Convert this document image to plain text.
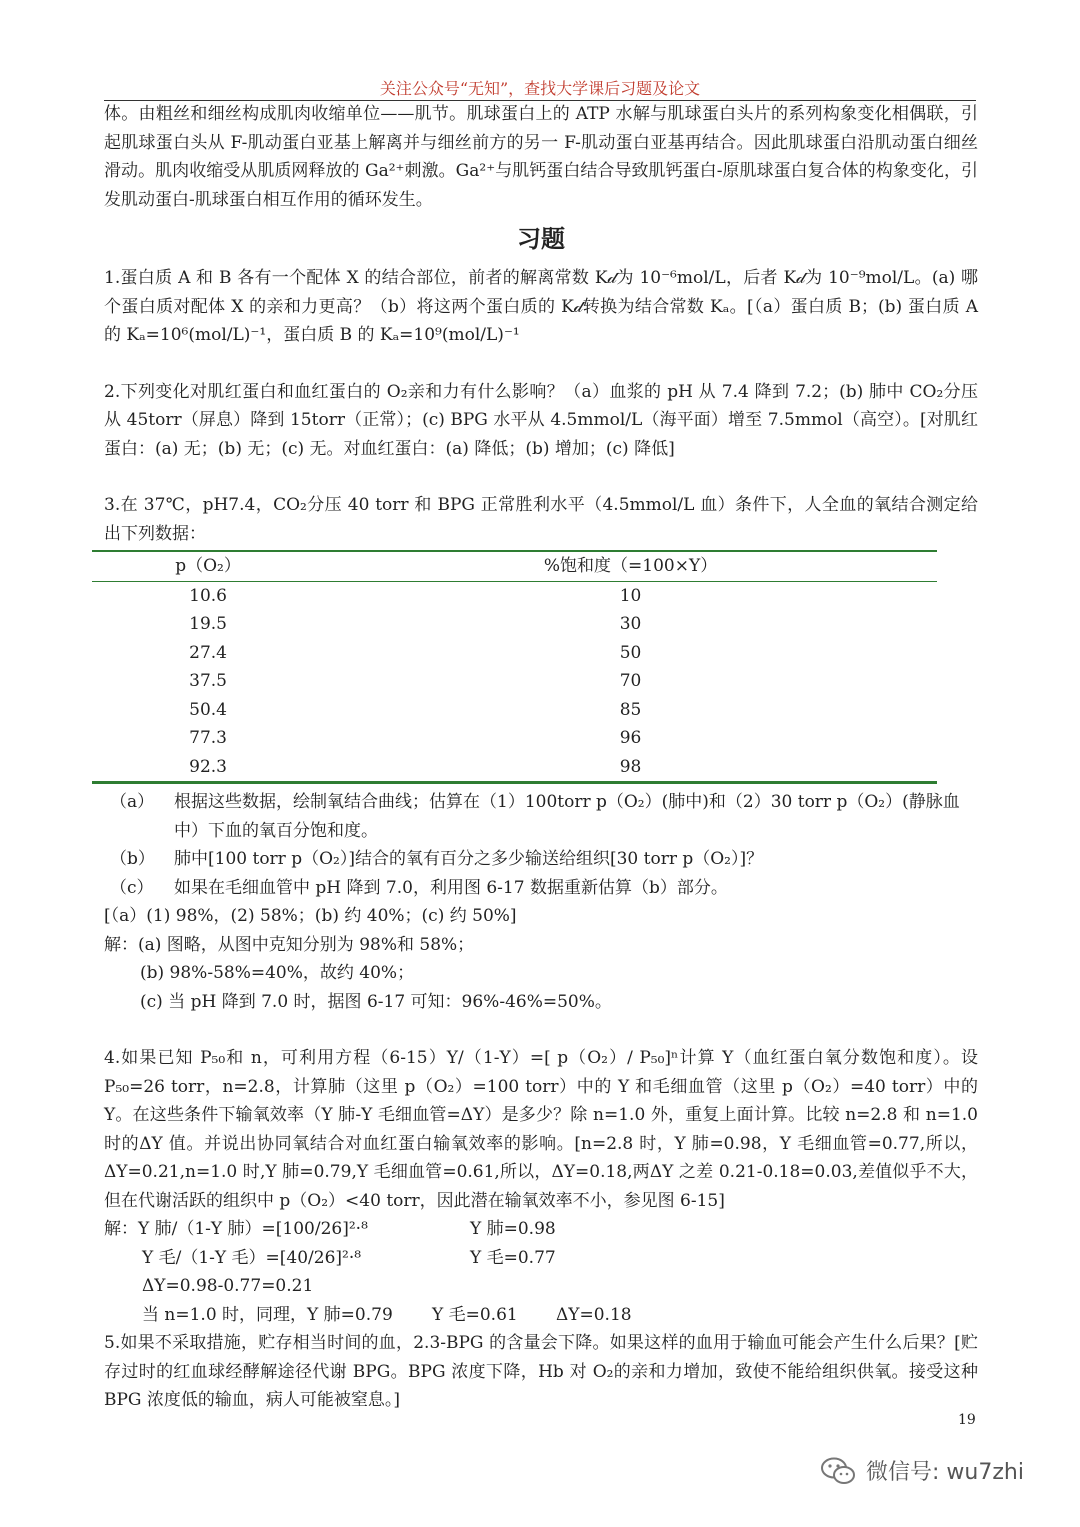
关注公众号“无知”，查找大学课后习题及论文

体。由粗丝和细丝构成肌肉收缩单位——肌节。肌球蛋白上的 ATP 水解与肌球蛋白头片的系列构象变化相偶联，引起肌球蛋白头从 F-肌动蛋白亚基上解离并与细丝前方的另一 F-肌动蛋白亚基再结合。因此肌球蛋白沿肌动蛋白细丝滑动。肌肉收缩受从肌质网释放的 Ga²⁺刺激。Ga²⁺与肌钙蛋白结合导致肌钙蛋白-原肌球蛋白复合体的构象变化，引发肌动蛋白-肌球蛋白相互作用的循环发生。

习题

1.蛋白质 A 和 B 各有一个配体 X 的结合部位，前者的解离常数 K𝒹为 10⁻⁶mol/L，后者 K𝒹为 10⁻⁹mol/L。(a) 哪个蛋白质对配体 X 的亲和力更高？（b）将这两个蛋白质的 K𝒹转换为结合常数 Kₐ。[（a）蛋白质 B；(b) 蛋白质 A 的 Kₐ=10⁶(mol/L)⁻¹，蛋白质 B 的 Kₐ=10⁹(mol/L)⁻¹

2.下列变化对肌红蛋白和血红蛋白的 O₂亲和力有什么影响？（a）血浆的 pH 从 7.4 降到 7.2；(b) 肺中 CO₂分压从 45torr（屏息）降到 15torr（正常）；(c) BPG 水平从 4.5mmol/L（海平面）增至 7.5mmol（高空）。[对肌红蛋白：(a) 无；(b) 无；(c) 无。对血红蛋白：(a) 降低；(b) 增加；(c) 降低]

3.在 37℃，pH7.4，CO₂分压 40 torr 和 BPG 正常胜利水平（4.5mmol/L 血）条件下，人全血的氧结合测定给出下列数据：

p（O₂）	%饱和度（=100×Y）
10.6	10
19.5	30
27.4	50
37.5	70
50.4	85
77.3	96
92.3	98
（a）	根据这些数据，绘制氧结合曲线；估算在（1）100torr p（O₂）(肺中)和（2）30 torr p（O₂）(静脉血中）下血的氧百分饱和度。
（b）	肺中[100 torr p（O₂）]结合的氧有百分之多少输送给组织[30 torr p（O₂）]？
（c）	如果在毛细血管中 pH 降到 7.0，利用图 6-17 数据重新估算（b）部分。

[（a）(1) 98%，(2) 58%；(b) 约 40%；(c) 约 50%]

解：(a) 图略，从图中克知分别为 98%和 58%；

(b) 98%-58%=40%，故约 40%；

(c) 当 pH 降到 7.0 时，据图 6-17 可知：96%-46%=50%。

4.如果已知 P₅₀和 n，可利用方程（6-15）Y/（1-Y）=[ p（O₂）/ P₅₀]ⁿ计算 Y（血红蛋白氧分数饱和度）。设 P₅₀=26 torr，n=2.8，计算肺（这里 p（O₂）=100 torr）中的 Y 和毛细血管（这里 p（O₂）=40 torr）中的 Y。在这些条件下输氧效率（Y 肺-Y 毛细血管=ΔY）是多少？除 n=1.0 外，重复上面计算。比较 n=2.8 和 n=1.0 时的ΔY 值。并说出协同氧结合对血红蛋白输氧效率的影响。[n=2.8 时，Y 肺=0.98，Y 毛细血管=0.77,所以，ΔY=0.21,n=1.0 时,Y 肺=0.79,Y 毛细血管=0.61,所以，ΔY=0.18,两ΔY 之差 0.21-0.18=0.03,差值似乎不大，但在代谢活跃的组织中 p（O₂）<40 torr，因此潜在输氧效率不小，参见图 6-15]

解：Y 肺/（1-Y 肺）=[100/26]²·⁸	Y 肺=0.98
Y 毛/（1-Y 毛）=[40/26]²·⁸	Y 毛=0.77

ΔY=0.98-0.77=0.21

当 n=1.0 时，同理，Y 肺=0.79	Y 毛=0.61	ΔY=0.18

5.如果不采取措施，贮存相当时间的血，2.3-BPG 的含量会下降。如果这样的血用于输血可能会产生什么后果？[贮存过时的红血球经酵解途径代谢 BPG。BPG 浓度下降，Hb 对 O₂的亲和力增加，致使不能给组织供氧。接受这种 BPG 浓度低的输血，病人可能被窒息。]

19
微信号: wu7zhi
